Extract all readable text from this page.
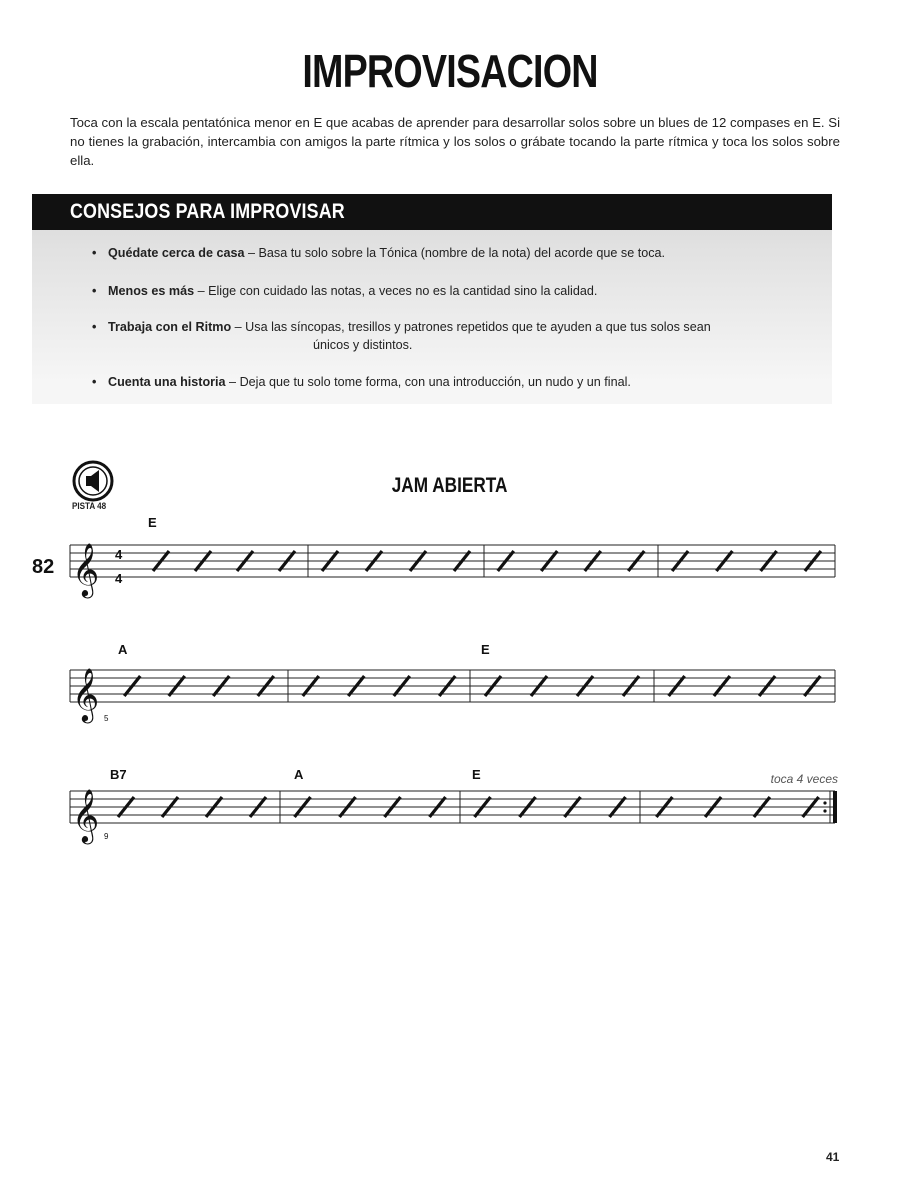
IMPROVISACION
Toca con la escala pentatónica menor en E que acabas de aprender para desarrollar solos sobre un blues de 12 compases en E. Si no tienes la grabación, intercambia con amigos la parte rítmica y los solos o grábate tocando la parte rítmica y toca los solos sobre ella.
CONSEJOS PARA IMPROVISAR
• Quédate cerca de casa – Basa tu solo sobre la Tónica (nombre de la nota) del acorde que se toca.
• Menos es más – Elige con cuidado las notas, a veces no es la cantidad sino la calidad.
• Trabaja con el Ritmo – Usa las síncopas, tresillos y patrones repetidos que te ayuden a que tus solos sean
únicos y distintos.
• Cuenta una historia – Deja que tu solo tome forma, con una introducción, un nudo y un final.
PISTA 48
JAM ABIERTA
𝄞
𝄞
𝄞
82
E
A	E
B7	A	E
5
9
toca 4 veces
4
4
41
